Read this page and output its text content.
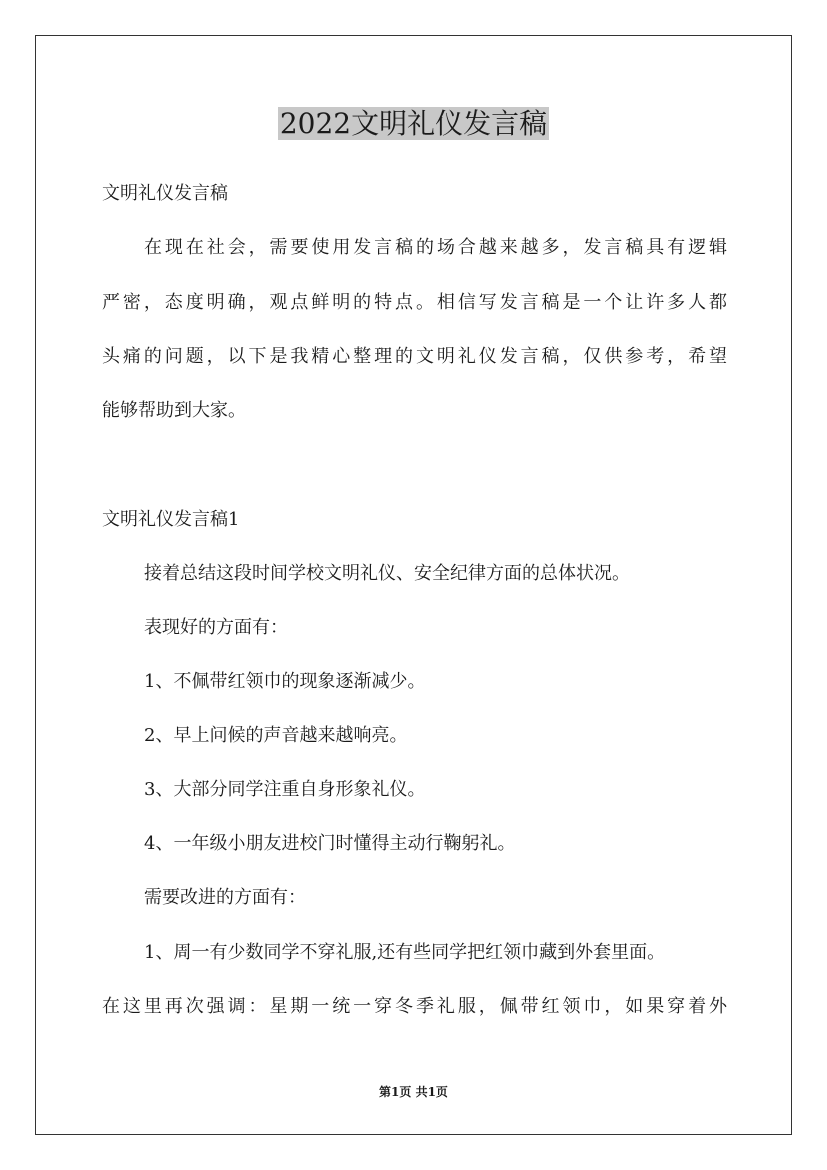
2022文明礼仪发言稿

文明礼仪发言稿

在现在社会，需要使用发言稿的场合越来越多，发言稿具有逻辑

严密，态度明确，观点鲜明的特点。相信写发言稿是一个让许多人都

头痛的问题，以下是我精心整理的文明礼仪发言稿，仅供参考，希望

能够帮助到大家。

文明礼仪发言稿1

接着总结这段时间学校文明礼仪、安全纪律方面的总体状况。

表现好的方面有：

1、不佩带红领巾的现象逐渐减少。

2、早上问候的声音越来越响亮。

3、大部分同学注重自身形象礼仪。

4、一年级小朋友进校门时懂得主动行鞠躬礼。

需要改进的方面有：

1、周一有少数同学不穿礼服,还有些同学把红领巾藏到外套里面。

在这里再次强调：星期一统一穿冬季礼服，佩带红领巾，如果穿着外

第1页 共1页
